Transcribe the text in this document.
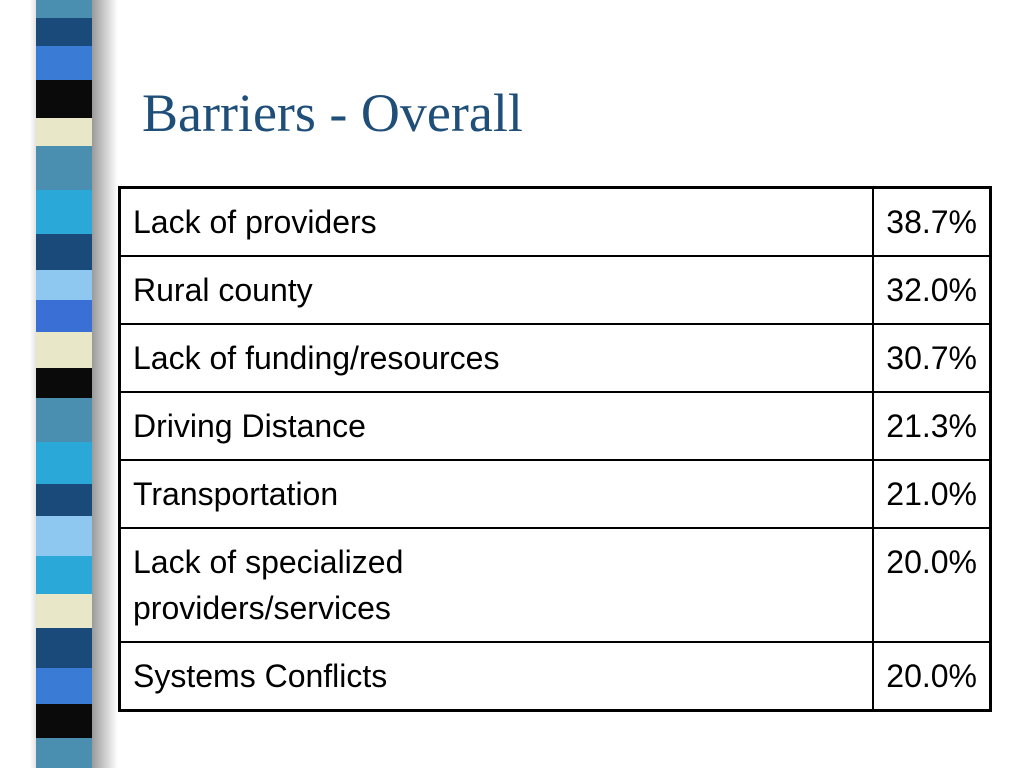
Barriers - Overall
Lack of providers	38.7%
Rural county	32.0%
Lack of funding/resources	30.7%
Driving Distance	21.3%
Transportation	21.0%
Lack of specialized providers/services	20.0%
Systems Conflicts	20.0%
